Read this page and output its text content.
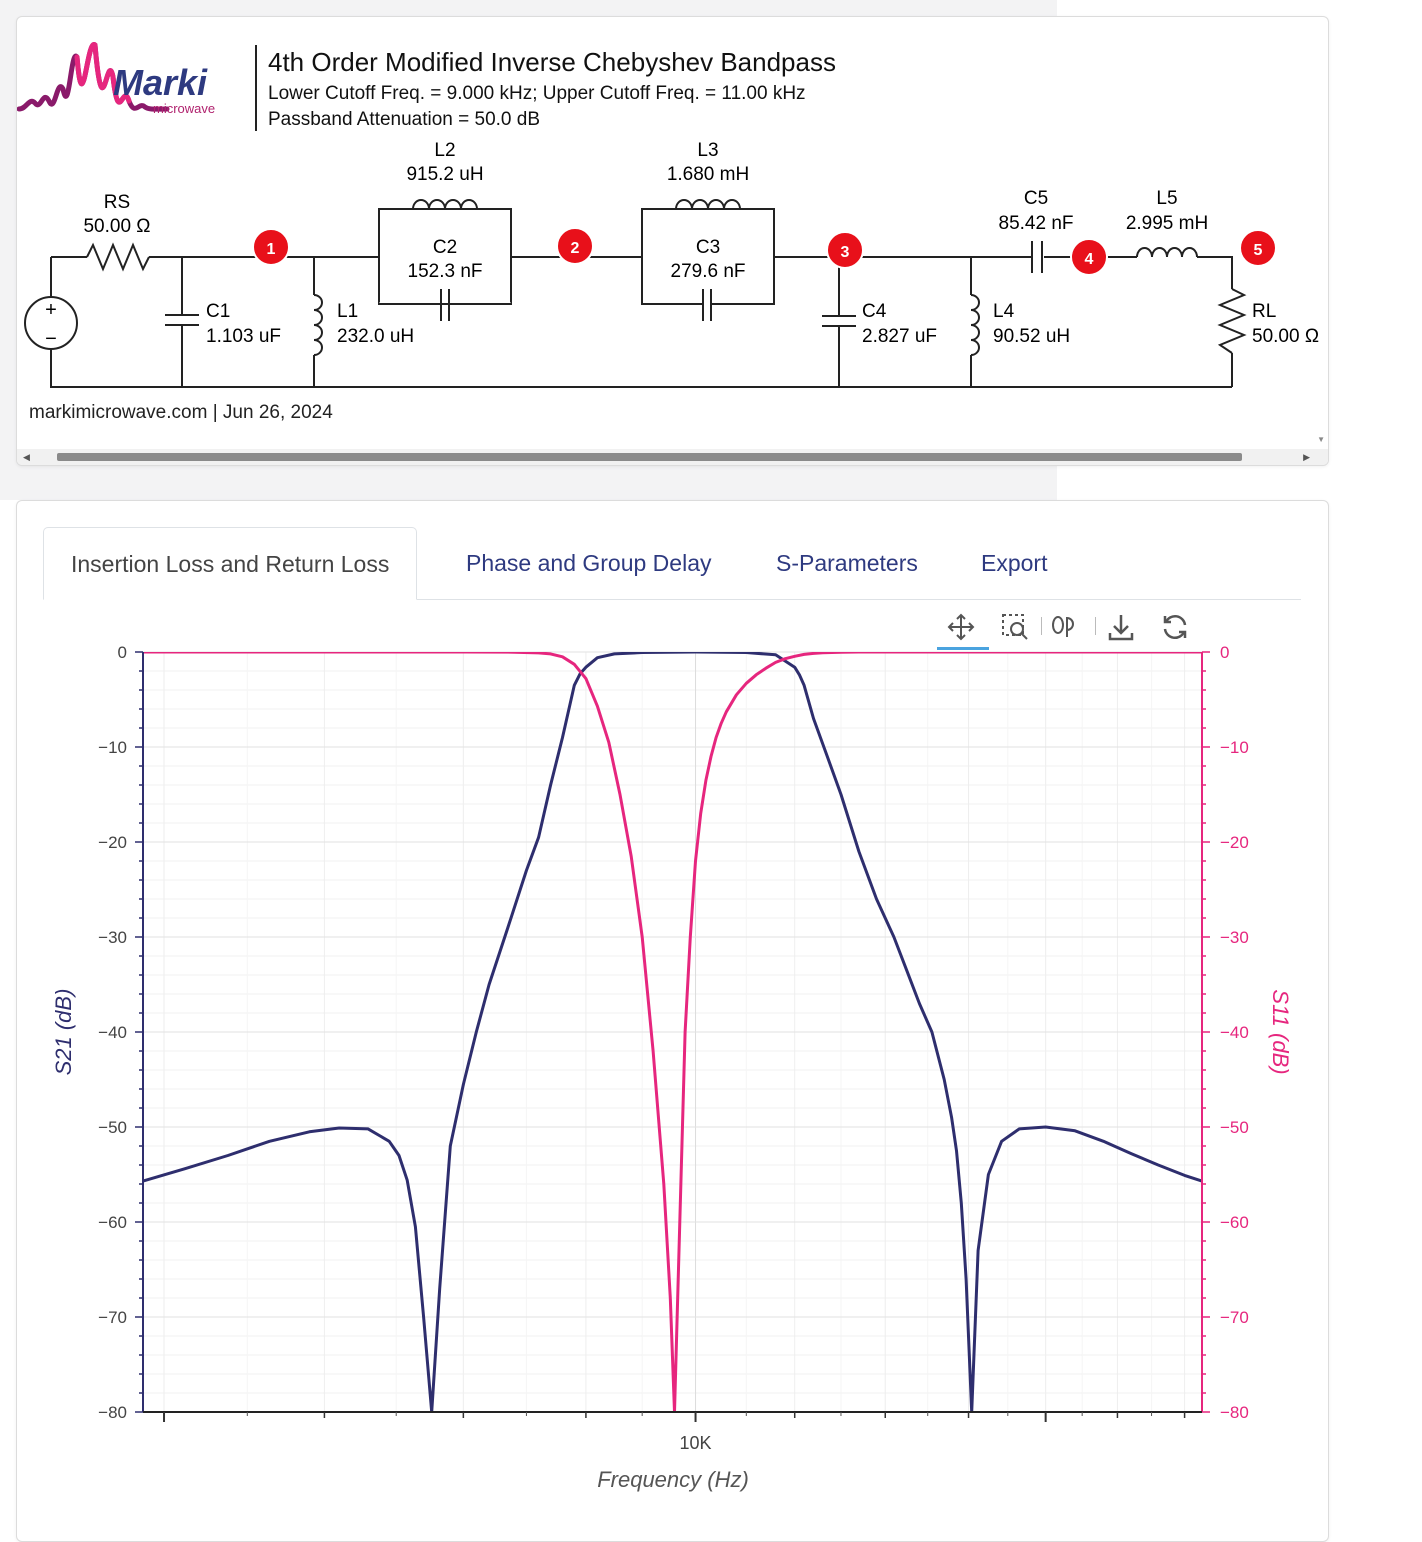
Marki
microwave
4th Order Modified Inverse Chebyshev Bandpass
Lower Cutoff Freq. = 9.000 kHz; Upper Cutoff Freq. = 11.00 kHz
Passband Attenuation = 50.0 dB
RS
50.00 Ω
+
−
C1
1.103 uF
L1
232.0 uH
L2
915.2 uH
C2
152.3 nF
L3
1.680 mH
C3
279.6 nF
C4
2.827 uF
L4
90.52 uH
C5
85.42 nF
L5
2.995 mH
RL
50.00 Ω
1	2	3	4
5
markimicrowave.com | Jun 26, 2024
◀	▶
▼
Insertion Loss and Return Loss	Phase and Group Delay	S-Parameters	Export
0
−10
−20
−30
−40
−50
−60
−70
−80
0
−10
−20
−30
−40
−50
−60
−70
−80
10K
Frequency (Hz)
S21 (dB)	S11 (dB)
